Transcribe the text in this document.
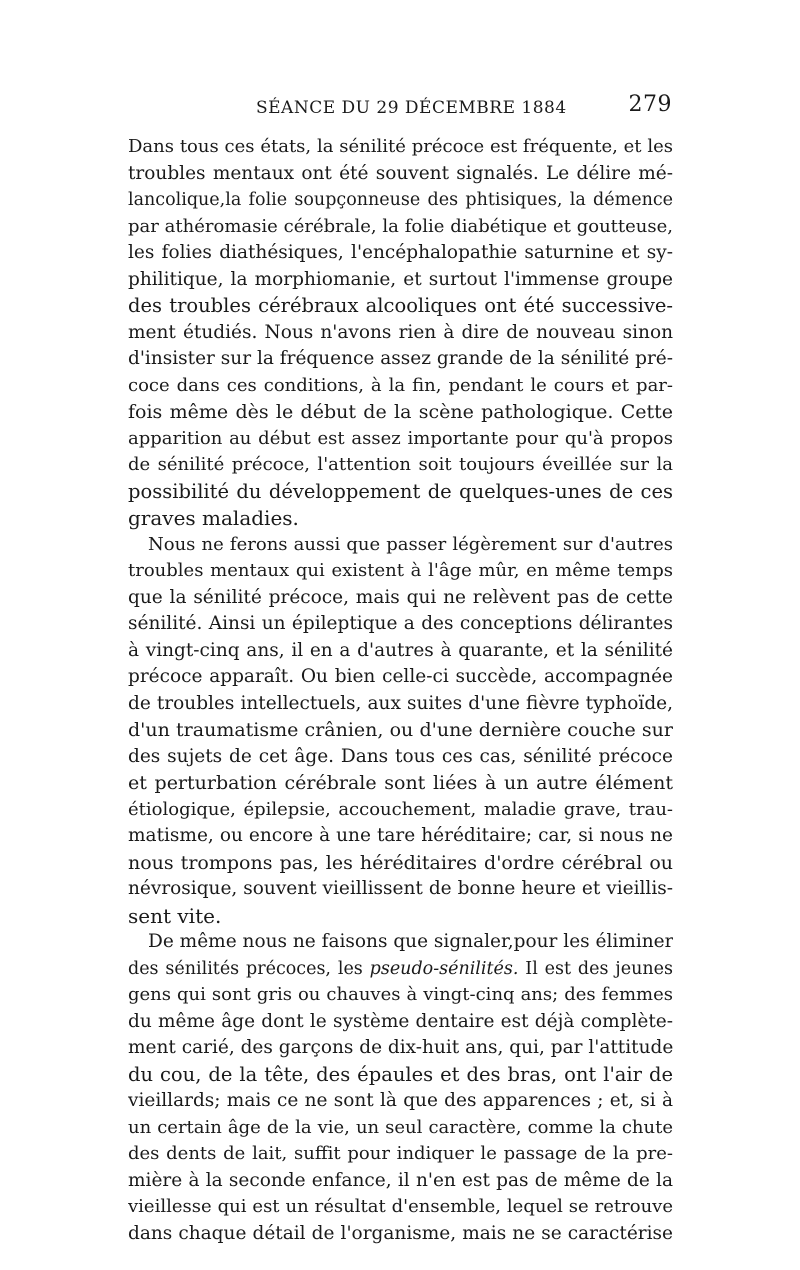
SÉANCE DU 29 DÉCEMBRE 1884	279
Dans tous ces états, la sénilité précoce est fréquente, et les
troubles mentaux ont été souvent signalés. Le délire mé-
lancolique,la folie soupçonneuse des phtisiques, la démence
par athéromasie cérébrale, la folie diabétique et goutteuse,
les folies diathésiques, l'encéphalopathie saturnine et sy-
philitique, la morphiomanie, et surtout l'immense groupe
des troubles cérébraux alcooliques ont été successive-
ment étudiés. Nous n'avons rien à dire de nouveau sinon
d'insister sur la fréquence assez grande de la sénilité pré-
coce dans ces conditions, à la fin, pendant le cours et par-
fois même dès le début de la scène pathologique. Cette
apparition au début est assez importante pour qu'à propos
de sénilité précoce, l'attention soit toujours éveillée sur la
possibilité du développement de quelques-unes de ces
graves maladies.
Nous ne ferons aussi que passer légèrement sur d'autres
troubles mentaux qui existent à l'âge mûr, en même temps
que la sénilité précoce, mais qui ne relèvent pas de cette
sénilité. Ainsi un épileptique a des conceptions délirantes
à vingt-cinq ans, il en a d'autres à quarante, et la sénilité
précoce apparaît. Ou bien celle-ci succède, accompagnée
de troubles intellectuels, aux suites d'une fièvre typhoïde,
d'un traumatisme crânien, ou d'une dernière couche sur
des sujets de cet âge. Dans tous ces cas, sénilité précoce
et perturbation cérébrale sont liées à un autre élément
étiologique, épilepsie, accouchement, maladie grave, trau-
matisme, ou encore à une tare héréditaire; car, si nous ne
nous trompons pas, les héréditaires d'ordre cérébral ou
névrosique, souvent vieillissent de bonne heure et vieillis-
sent vite.
De même nous ne faisons que signaler,pour les éliminer
des sénilités précoces, les pseudo-sénilités. Il est des jeunes
gens qui sont gris ou chauves à vingt-cinq ans; des femmes
du même âge dont le système dentaire est déjà complète-
ment carié, des garçons de dix-huit ans, qui, par l'attitude
du cou, de la tête, des épaules et des bras, ont l'air de
vieillards; mais ce ne sont là que des apparences ; et, si à
un certain âge de la vie, un seul caractère, comme la chute
des dents de lait, suffit pour indiquer le passage de la pre-
mière à la seconde enfance, il n'en est pas de même de la
vieillesse qui est un résultat d'ensemble, lequel se retrouve
dans chaque détail de l'organisme, mais ne se caractérise
